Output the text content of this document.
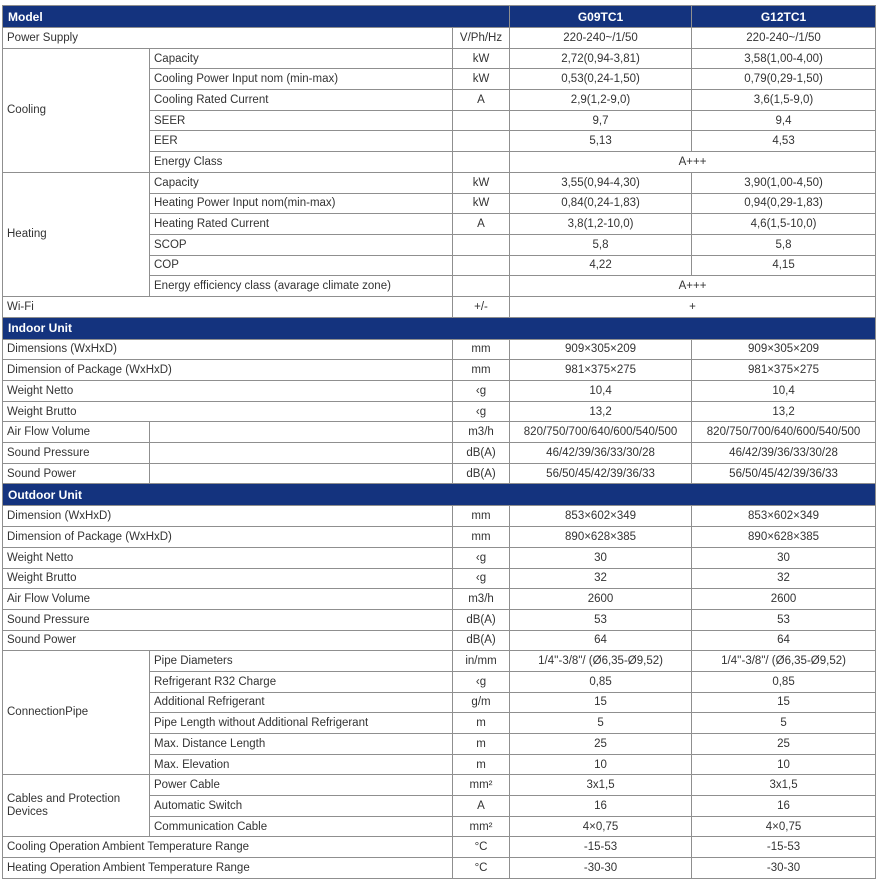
Model			G09TC1	G12TC1
Power Supply		V/Ph/Hz	220-240~/1/50	220-240~/1/50
Cooling	Capacity	kW	2,72(0,94-3,81)	3,58(1,00-4,00)
	Cooling Power Input nom (min-max)	kW	0,53(0,24-1,50)	0,79(0,29-1,50)
	Cooling Rated Current	A	2,9(1,2-9,0)	3,6(1,5-9,0)
	SEER		9,7	9,4
	EER		5,13	4,53
	Energy Class		A+++	
Heating	Capacity	kW	3,55(0,94-4,30)	3,90(1,00-4,50)
	Heating Power Input nom(min-max)	kW	0,84(0,24-1,83)	0,94(0,29-1,83)
	Heating Rated Current	A	3,8(1,2-10,0)	4,6(1,5-10,0)
	SCOP		5,8	5,8
	COP		4,22	4,15
	Energy efficiency class (avarage climate zone)		A+++	
Wi-Fi		+/-	+	
Indoor Unit				
Dimensions (WxHxD)		mm	909×305×209	909×305×209
Dimension of Package (WxHxD)		mm	981×375×275	981×375×275
Weight Netto		‹g	10,4	10,4
Weight Brutto		‹g	13,2	13,2
Air Flow Volume		m3/h	820/750/700/640/600/540/500	820/750/700/640/600/540/500
Sound Pressure		dB(A)	46/42/39/36/33/30/28	46/42/39/36/33/30/28
Sound Power		dB(A)	56/50/45/42/39/36/33	56/50/45/42/39/36/33
Outdoor Unit				
Dimension (WxHxD)		mm	853×602×349	853×602×349
Dimension of Package (WxHxD)		mm	890×628×385	890×628×385
Weight Netto		‹g	30	30
Weight Brutto		‹g	32	32
Air Flow Volume		m3/h	2600	2600
Sound Pressure		dB(A)	53	53
Sound Power		dB(A)	64	64
ConnectionPipe	Pipe Diameters	in/mm	1/4''-3/8"/ (Ø6,35-Ø9,52)	1/4''-3/8"/ (Ø6,35-Ø9,52)
	Refrigerant R32 Charge	‹g	0,85	0,85
	Additional Refrigerant	g/m	15	15
	Pipe Length without Additional Refrigerant	m	5	5
	Max. Distance Length	m	25	25
	Max. Elevation	m	10	10
Cables and Protection Devices	Power Cable	mm²	3x1,5	3x1,5
	Automatic Switch	A	16	16
	Communication Cable	mm²	4×0,75	4×0,75
Cooling Operation Ambient Temperature Range		°C	-15-53	-15-53
Heating Operation Ambient Temperature Range		°C	-30-30	-30-30
